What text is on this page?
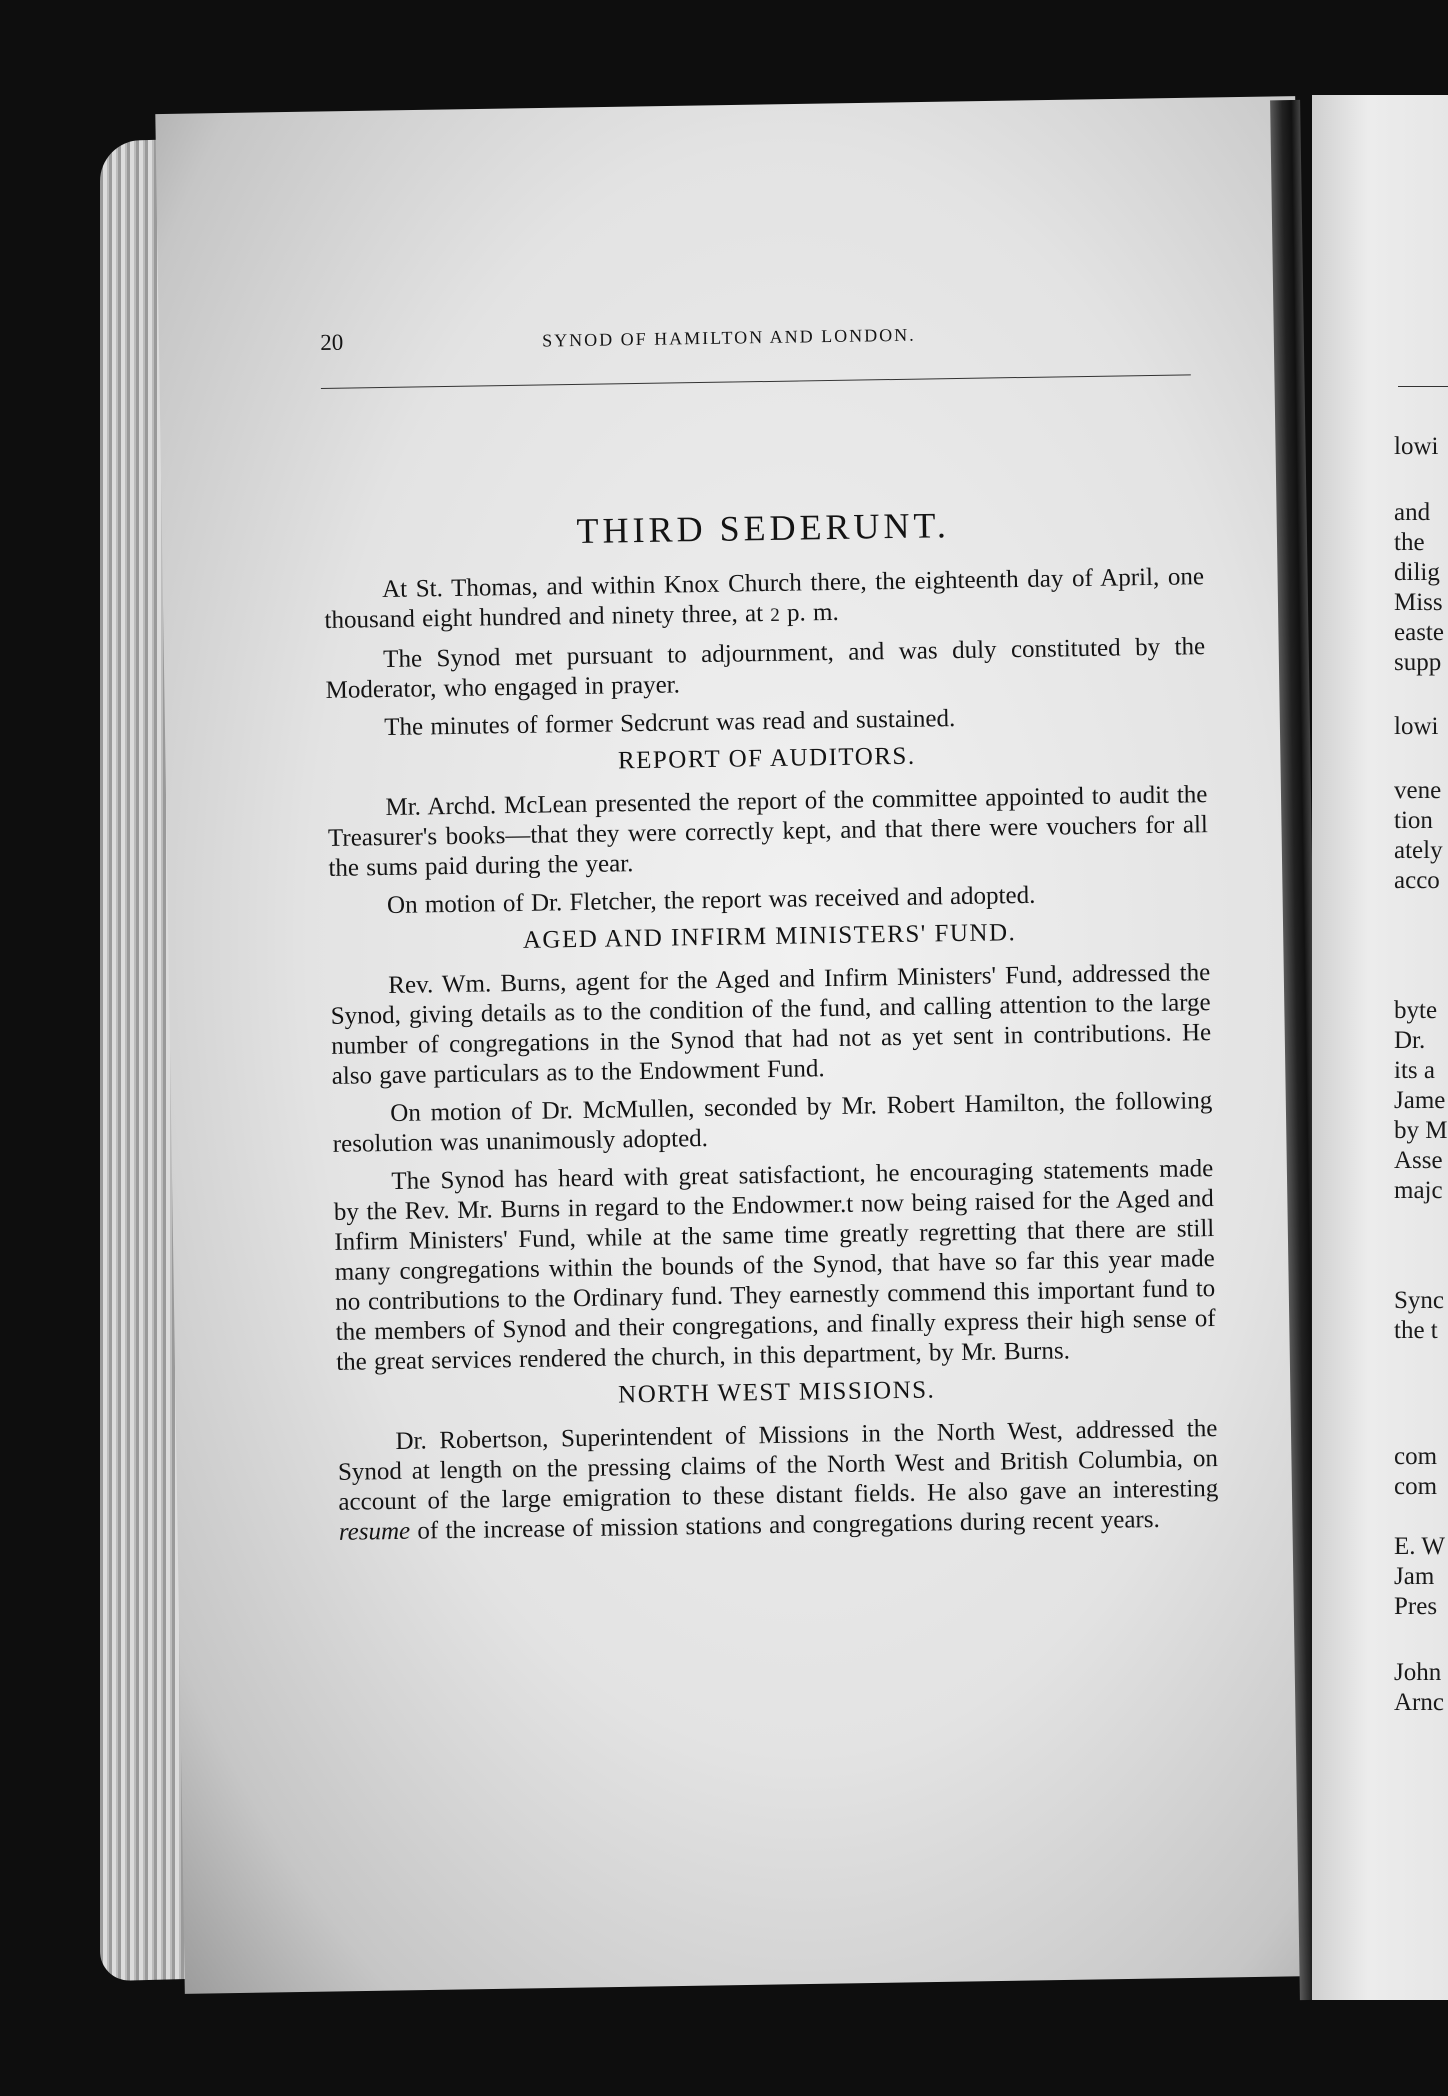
20	SYNOD OF HAMILTON AND LONDON.
THIRD SEDERUNT.

At St. Thomas, and within Knox Church there, the eighteenth day of April, one thousand eight hundred and ninety three, at 2 p. m.

The Synod met pursuant to adjournment, and was duly constituted by the Moderator, who engaged in prayer.

The minutes of former Sedcrunt was read and sustained.

REPORT OF AUDITORS.

Mr. Archd. McLean presented the report of the committee appointed to audit the Treasurer's books—that they were correctly kept, and that there were vouchers for all the sums paid during the year.

On motion of Dr. Fletcher, the report was received and adopted.

AGED AND INFIRM MINISTERS' FUND.

Rev. Wm. Burns, agent for the Aged and Infirm Ministers' Fund, addressed the Synod, giving details as to the condition of the fund, and calling attention to the large number of congregations in the Synod that had not as yet sent in contributions. He also gave particulars as to the Endowment Fund.

On motion of Dr. McMullen, seconded by Mr. Robert Hamilton, the following resolution was unanimously adopted.

The Synod has heard with great satisfactiont, he encouraging statements made by the Rev. Mr. Burns in regard to the Endowmer.t now being raised for the Aged and Infirm Ministers' Fund, while at the same time greatly regretting that there are still many congregations within the bounds of the Synod, that have so far this year made no contributions to the Ordinary fund. They earnestly commend this important fund to the members of Synod and their congregations, and finally express their high sense of the great services rendered the church, in this department, by Mr. Burns.

NORTH WEST MISSIONS.

Dr. Robertson, Superintendent of Missions in the North West, addressed the Synod at length on the pressing claims of the North West and British Columbia, on account of the large emigration to these distant fields. He also gave an interesting resume of the increase of mission stations and congregations during recent years.

lowi
and
the
dilig
Miss
easte
supp
lowi
vene
tion
ately
acco
byte
Dr.
its a
Jame
by M
Asse
majc
Sync
the t
com
com
E. W
Jam
Pres
John
Arnc
